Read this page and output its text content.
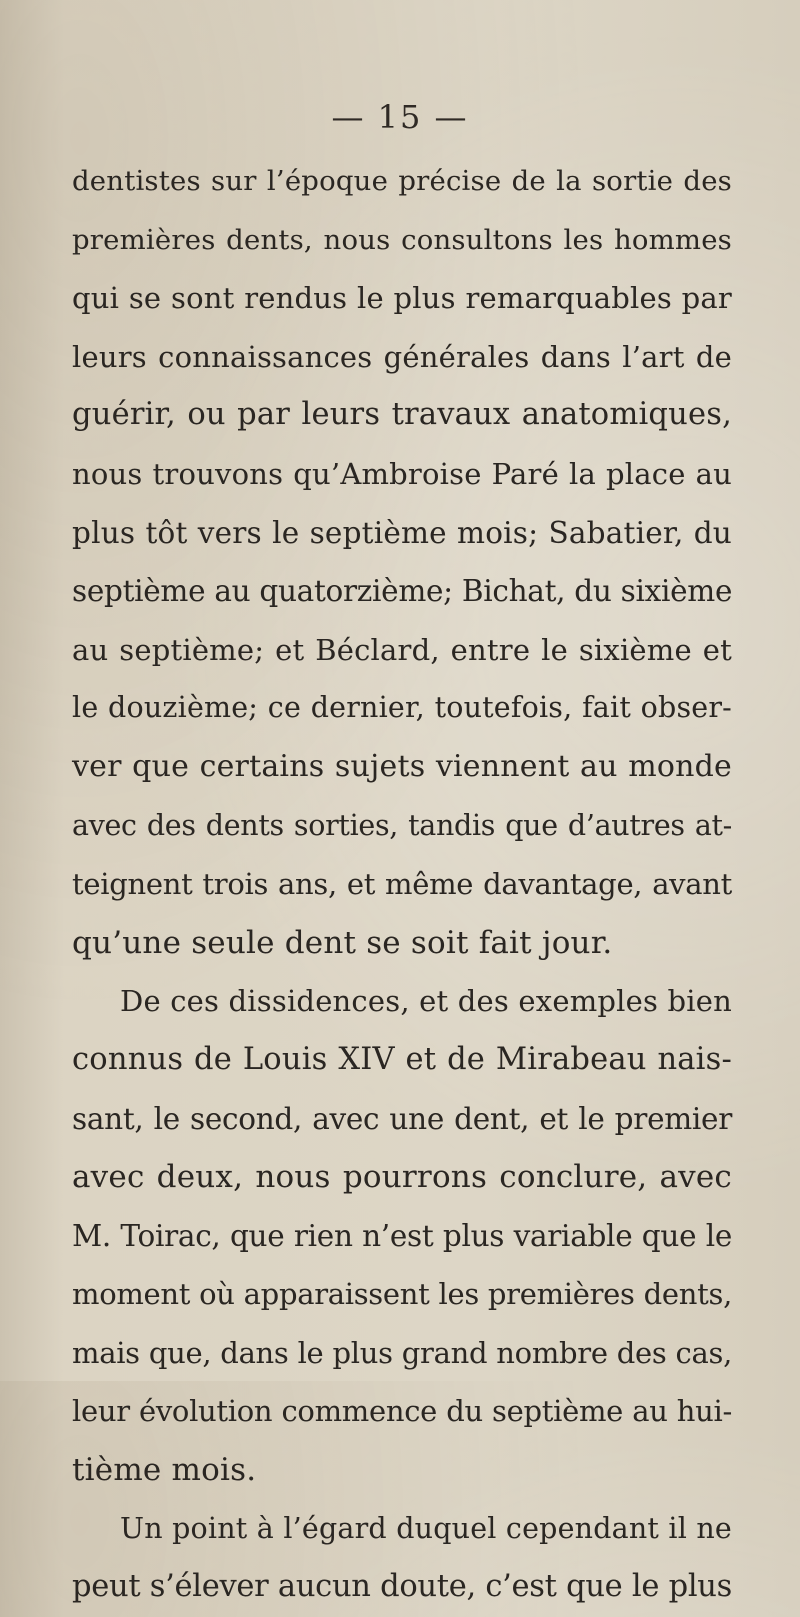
— 15 —
dentistes sur l’époque précise de la sortie des
premières dents, nous consultons les hommes
qui se sont rendus le plus remarquables par
leurs connaissances générales dans l’art de
guérir, ou par leurs travaux anatomiques,
nous trouvons qu’Ambroise Paré la place au
plus tôt vers le septième mois; Sabatier, du
septième au quatorzième; Bichat, du sixième
au septième; et Béclard, entre le sixième et
le douzième; ce dernier, toutefois, fait obser-
ver que certains sujets viennent au monde
avec des dents sorties, tandis que d’autres at-
teignent trois ans, et même davantage, avant
qu’une seule dent se soit fait jour.
De ces dissidences, et des exemples bien
connus de Louis XIV et de Mirabeau nais-
sant, le second, avec une dent, et le premier
avec deux, nous pourrons conclure, avec
M. Toirac, que rien n’est plus variable que le
moment où apparaissent les premières dents,
mais que, dans le plus grand nombre des cas,
leur évolution commence du septième au hui-
tième mois.
Un point à l’égard duquel cependant il ne
peut s’élever aucun doute, c’est que le plus
